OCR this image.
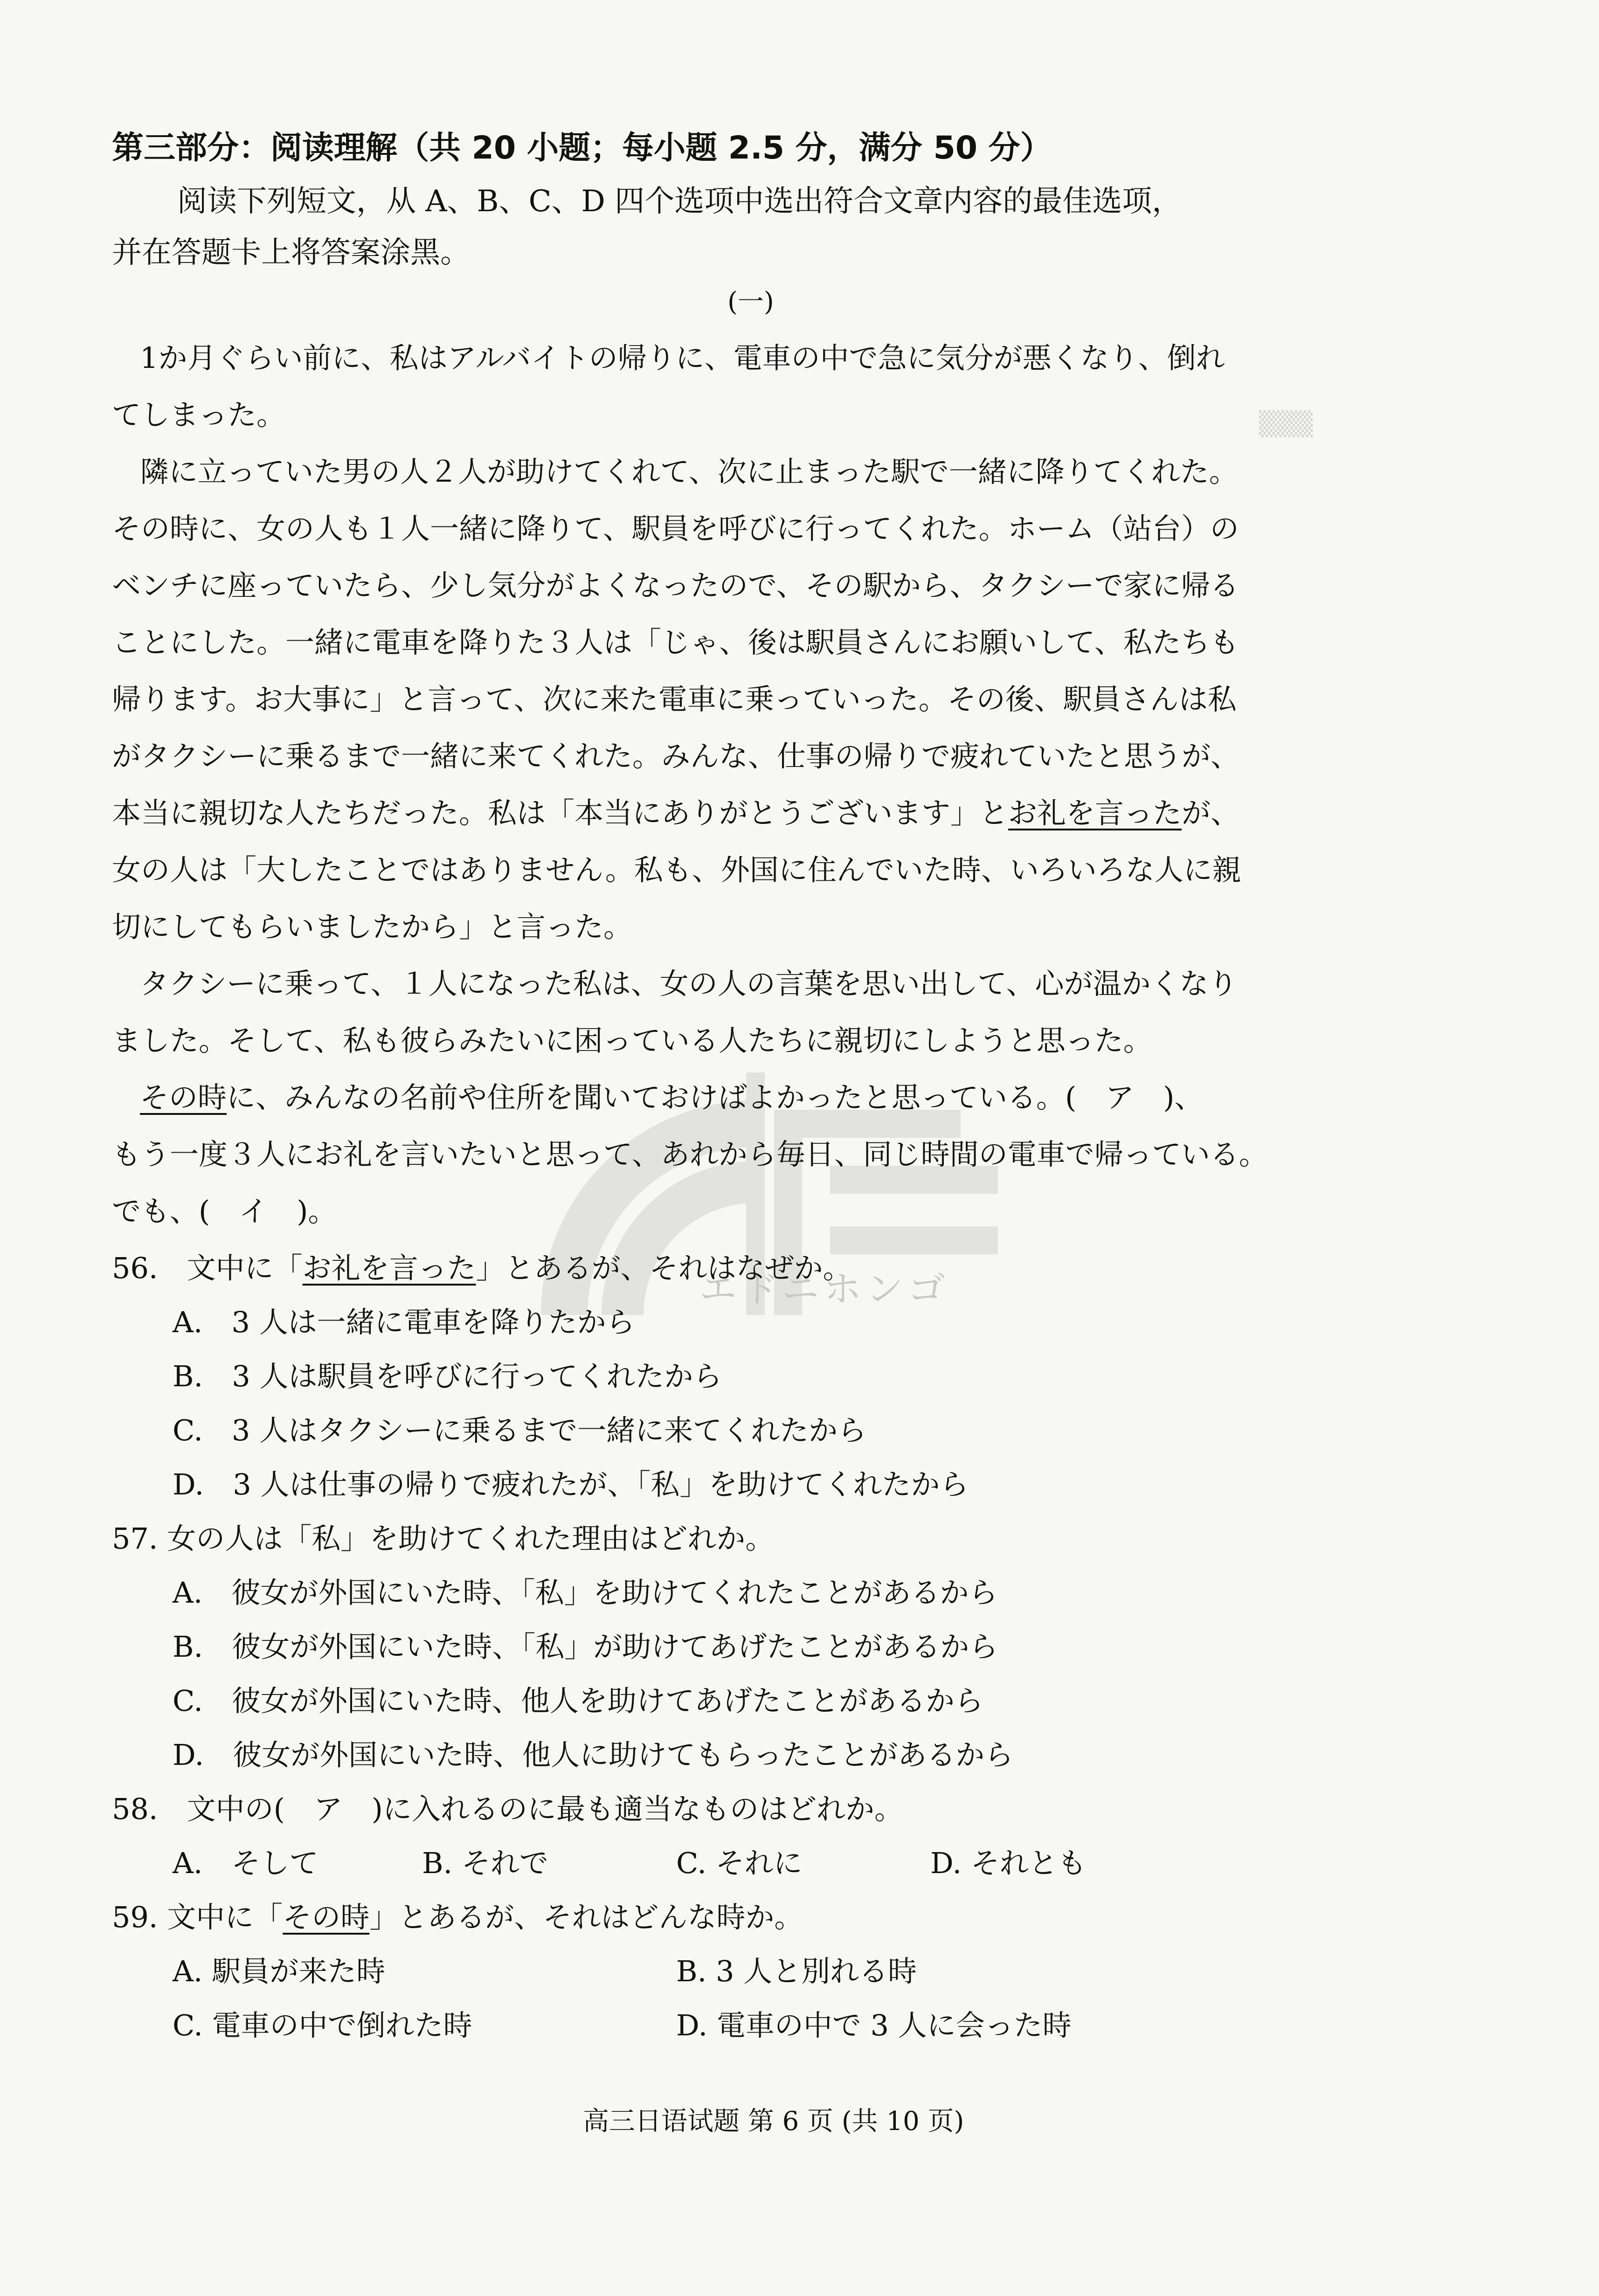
▒▒▒
エドニホンゴ
第三部分：阅读理解（共 20 小题；每小题 2.5 分，满分 50 分）
阅读下列短文，从 A、B、C、D 四个选项中选出符合文章内容的最佳选项，
并在答题卡上将答案涂黑。
(一)
1か月ぐらい前に、私はアルバイトの帰りに、電車の中で急に気分が悪くなり、倒れ
てしまった。
隣に立っていた男の人２人が助けてくれて、次に止まった駅で一緒に降りてくれた。
その時に、女の人も１人一緒に降りて、駅員を呼びに行ってくれた。ホーム（站台）の
ベンチに座っていたら、少し気分がよくなったので、その駅から、タクシーで家に帰る
ことにした。一緒に電車を降りた３人は「じゃ、後は駅員さんにお願いして、私たちも
帰ります。お大事に」と言って、次に来た電車に乗っていった。その後、駅員さんは私
がタクシーに乗るまで一緒に来てくれた。みんな、仕事の帰りで疲れていたと思うが、
本当に親切な人たちだった。私は「本当にありがとうございます」とお礼を言ったが、
女の人は「大したことではありません。私も、外国に住んでいた時、いろいろな人に親
切にしてもらいましたから」と言った。
タクシーに乗って、１人になった私は、女の人の言葉を思い出して、心が温かくなり
ました。そして、私も彼らみたいに困っている人たちに親切にしようと思った。
その時に、みんなの名前や住所を聞いておけばよかったと思っている。(　ア　)、
もう一度３人にお礼を言いたいと思って、あれから毎日、同じ時間の電車で帰っている。
でも、(　イ　)。
56.　文中に「お礼を言った」とあるが、それはなぜか。
A.　3 人は一緒に電車を降りたから
B.　3 人は駅員を呼びに行ってくれたから
C.　3 人はタクシーに乗るまで一緒に来てくれたから
D.　3 人は仕事の帰りで疲れたが、「私」を助けてくれたから
57. 女の人は「私」を助けてくれた理由はどれか。
A.　彼女が外国にいた時、「私」を助けてくれたことがあるから
B.　彼女が外国にいた時、「私」が助けてあげたことがあるから
C.　彼女が外国にいた時、他人を助けてあげたことがあるから
D.　彼女が外国にいた時、他人に助けてもらったことがあるから
58.　文中の(　ア　)に入れるのに最も適当なものはどれか。
A.　そして	B. それで	C. それに	D. それとも
59. 文中に「その時」とあるが、それはどんな時か。
A. 駅員が来た時	B. 3 人と別れる時
C. 電車の中で倒れた時	D. 電車の中で 3 人に会った時
高三日语试题 第 6 页 (共 10 页)
